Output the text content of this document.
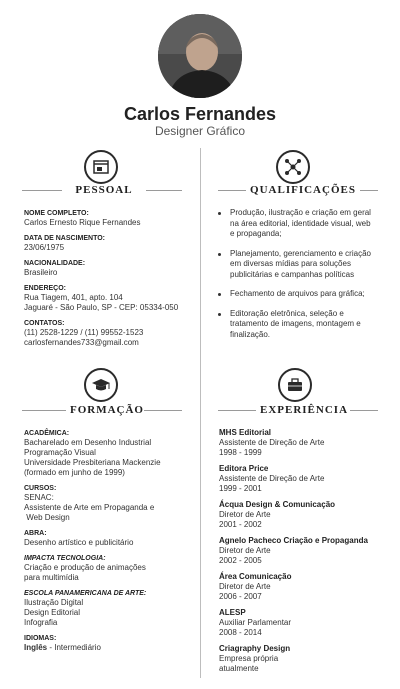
Carlos Fernandes
Designer Gráfico
PESSOAL	QUALIFICAÇÕES
NOME COMPLETO:
Carlos Ernesto Rique Fernandes
DATA DE NASCIMENTO:
23/06/1975
NACIONALIDADE:
Brasileiro
ENDEREÇO:
Rua Tiagem, 401, apto. 104
Jaguaré - São Paulo, SP - CEP: 05334-050
CONTATOS:
(11) 2528-1229 / (11) 99552-1523
carlosfernandes733@gmail.com
Produção, ilustração e criação em geral
na área editorial, identidade visual, web
e propaganda;
Planejamento, gerenciamento e criação
em diversas mídias para soluções
publicitárias e campanhas políticas
Fechamento de arquivos para gráfica;
Editoração eletrônica, seleção e
tratamento de imagens, montagem e
finalização.
FORMAÇÃO	EXPERIÊNCIA
ACADÊMICA:
Bacharelado em Desenho Industrial
Programação Visual
Universidade Presbiteriana Mackenzie
(formado em junho de 1999)
CURSOS:
SENAC:
Assistente de Arte em Propaganda e
Web Design
ABRA:
Desenho artístico e publicitário
IMPACTA TECNOLOGIA:
Criação e produção de animações
para multimídia
ESCOLA PANAMERICANA DE ARTE:
Ilustração Digital
Design Editorial
Infografia
IDIOMAS:
Inglês - Intermediário
MHS Editorial
Assistente de Direção de Arte
1998 - 1999
Editora Price
Assistente de Direção de Arte
1999 - 2001
Ácqua Design & Comunicação
Diretor de Arte
2001 - 2002
Agnelo Pacheco Criação e Propaganda
Diretor de Arte
2002 - 2005
Área Comunicação
Diretor de Arte
2006 - 2007
ALESP
Auxiliar Parlamentar
2008 - 2014
Criagraphy Design
Empresa própria
atualmente
